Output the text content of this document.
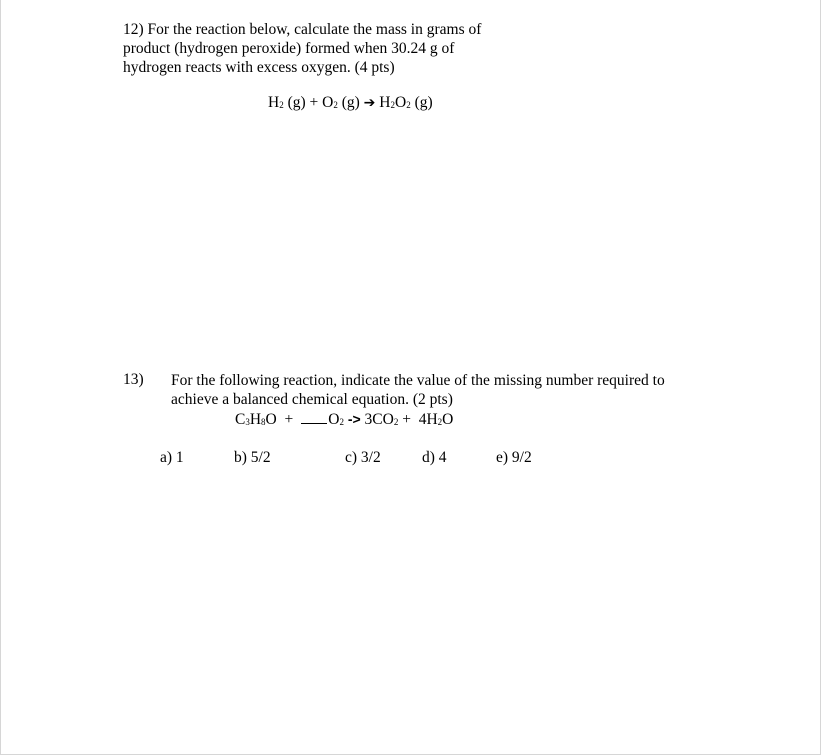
12) For the reaction below, calculate the mass in grams of
product (hydrogen peroxide) formed when 30.24 g of
hydrogen reacts with excess oxygen. (4 pts)
$H_2$ $(g) + O_2$ (g) ➔ $H_2O_2$ (g)
13) For the following reaction, indicate the value of the missing number required to
achieve a balanced chemical equation. (2 pts)
$C_3H_8O + O_2 -> 3CO_2 + 4H_2O$
a) 1	b) 5/2	c) 3/2	d) 4	e) 9/2
